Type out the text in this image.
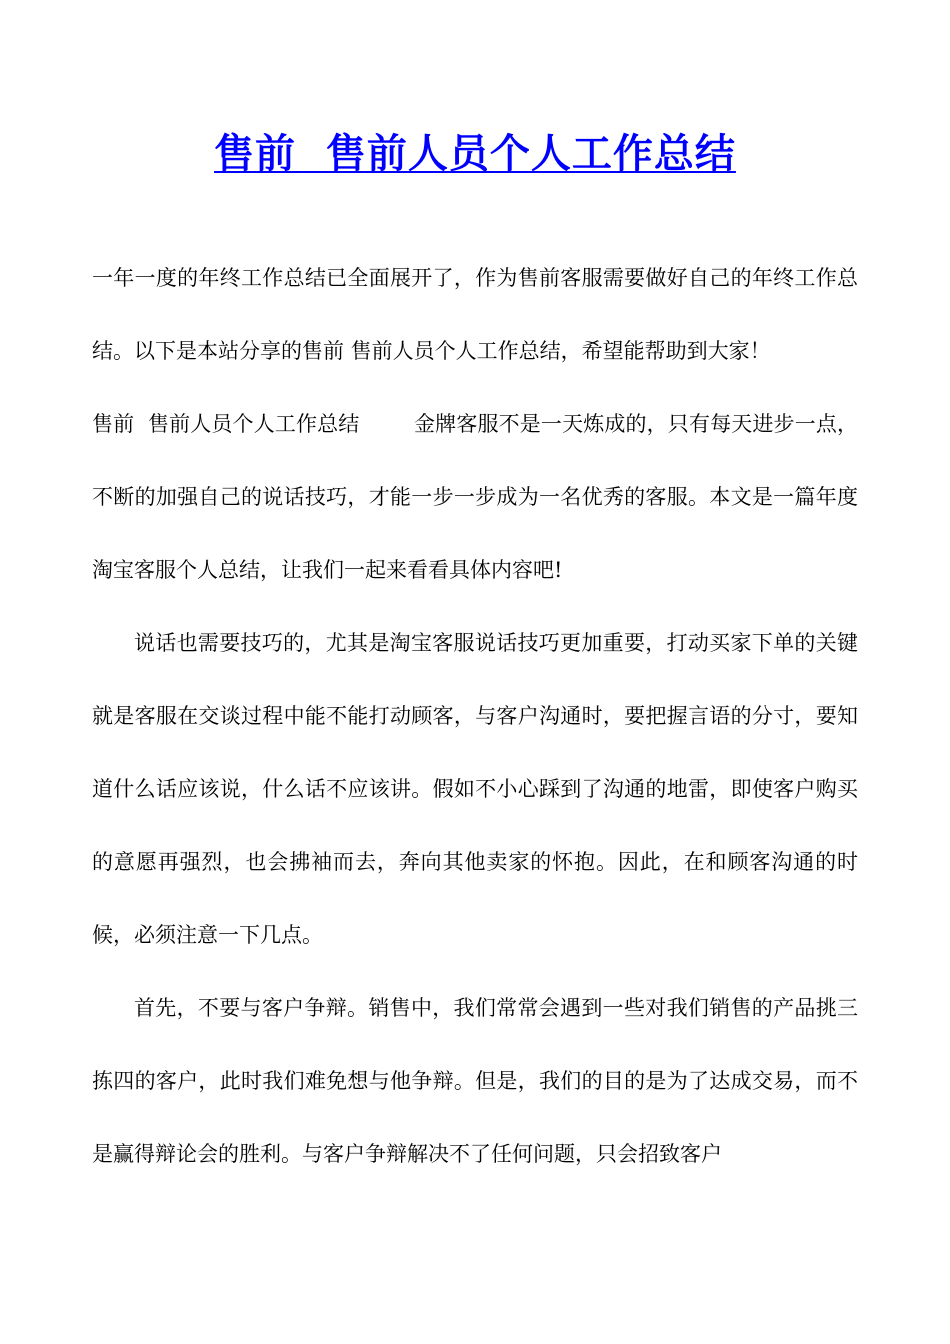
售前  售前人员个人工作总结

一年一度的年终工作总结已全面展开了，作为售前客服需要做好自己的年终工作总结。以下是本站分享的售前 售前人员个人工作总结，希望能帮助到大家！

售前  售前人员个人工作总结        金牌客服不是一天炼成的，只有每天进步一点，不断的加强自己的说话技巧，才能一步一步成为一名优秀的客服。本文是一篇年度淘宝客服个人总结，让我们一起来看看具体内容吧!

说话也需要技巧的，尤其是淘宝客服说话技巧更加重要，打动买家下单的关键就是客服在交谈过程中能不能打动顾客，与客户沟通时，要把握言语的分寸，要知道什么话应该说，什么话不应该讲。假如不小心踩到了沟通的地雷，即使客户购买的意愿再强烈，也会拂袖而去，奔向其他卖家的怀抱。因此，在和顾客沟通的时候，必须注意一下几点。

首先，不要与客户争辩。销售中，我们常常会遇到一些对我们销售的产品挑三拣四的客户，此时我们难免想与他争辩。但是，我们的目的是为了达成交易，而不是赢得辩论会的胜利。与客户争辩解决不了任何问题，只会招致客户
